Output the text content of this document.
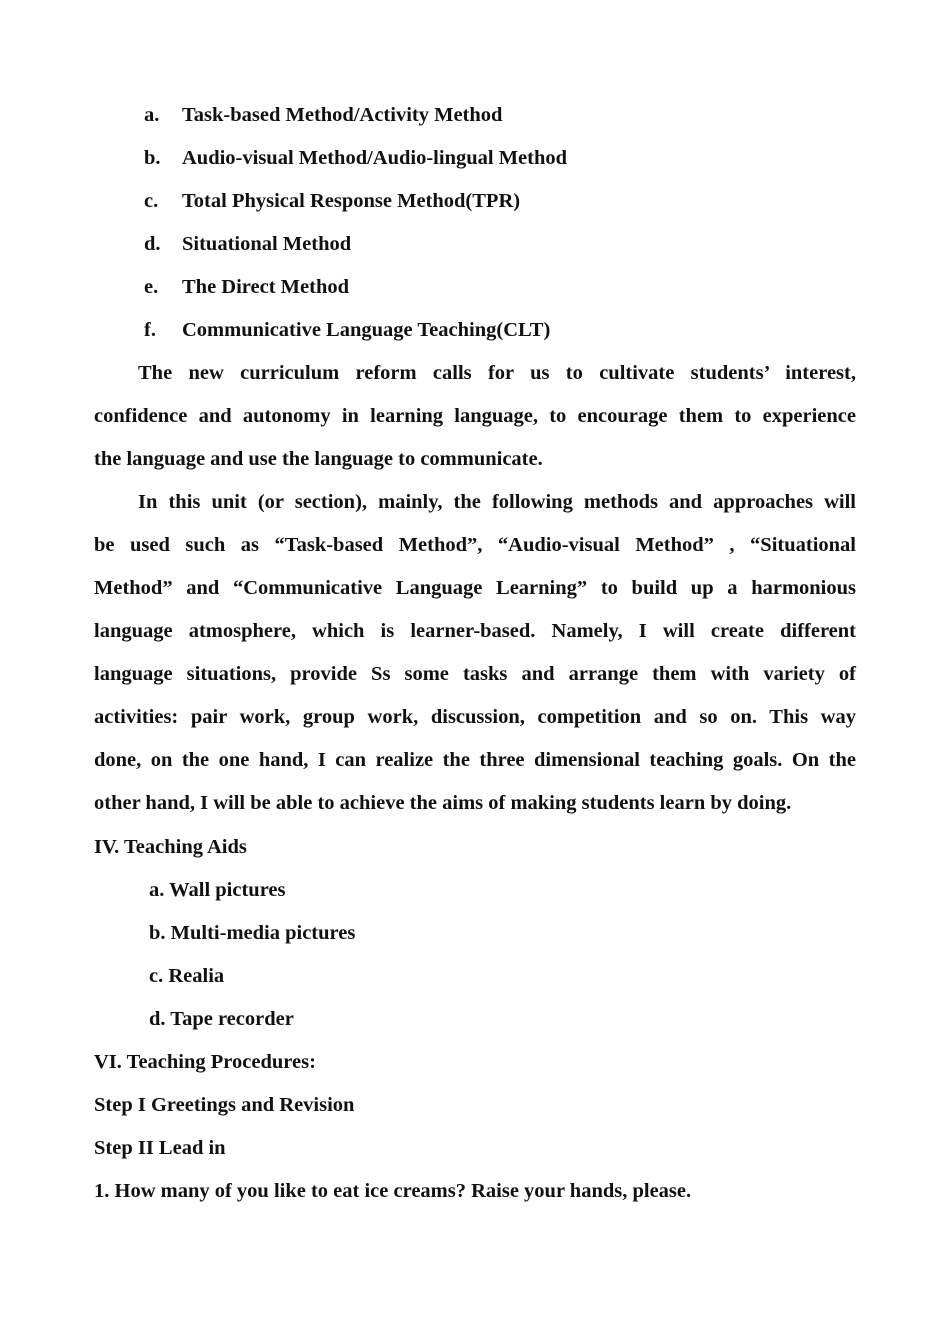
a.	Task-based Method/Activity Method
b.	Audio-visual Method/Audio-lingual Method
c.	Total Physical Response Method(TPR)
d.	Situational Method
e.	The Direct Method
f.	Communicative Language Teaching(CLT)
The new curriculum reform calls for us to cultivate students’ interest,
confidence and autonomy in learning language, to encourage them to experience
the language and use the language to communicate.
In this unit (or section), mainly, the following methods and approaches will
be used such as “Task-based Method”, “Audio-visual Method” , “Situational
Method” and “Communicative Language Learning” to build up a harmonious
language atmosphere, which is learner-based. Namely, I will create different
language situations, provide Ss some tasks and arrange them with variety of
activities: pair work, group work, discussion, competition and so on. This way
done, on the one hand, I can realize the three dimensional teaching goals. On the
other hand, I will be able to achieve the aims of making students learn by doing.
IV. Teaching Aids
a. Wall pictures
b. Multi-media pictures
c. Realia
d. Tape recorder
VI. Teaching Procedures:
Step I Greetings and Revision
Step II Lead in
1. How many of you like to eat ice creams? Raise your hands, please.
